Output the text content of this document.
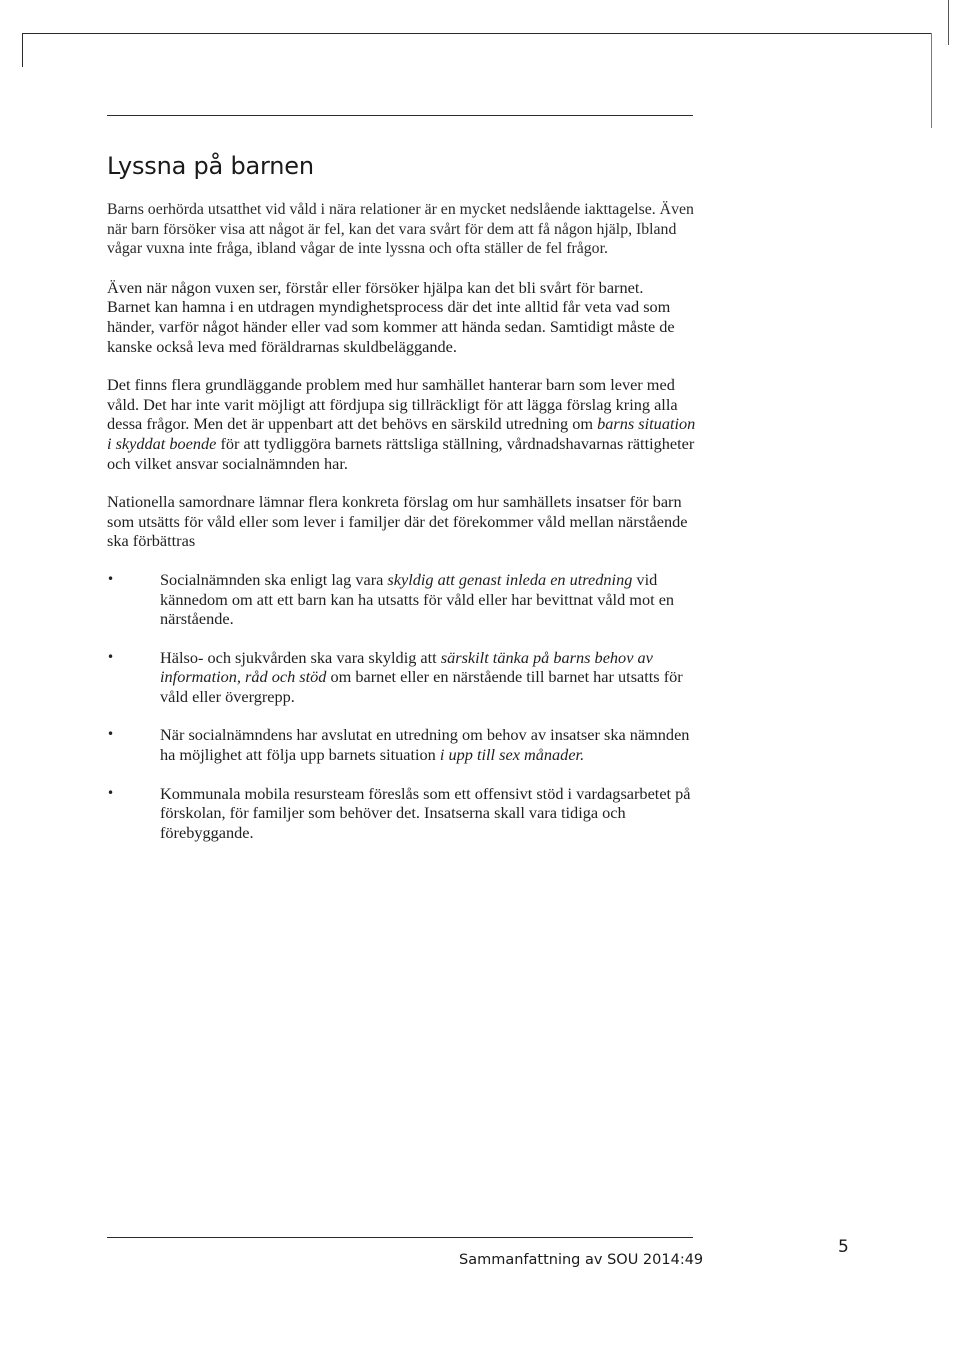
Lyssna på barnen

Barns oerhörda utsatthet vid våld i nära relationer är en mycket nedslående iakttagelse. Även när barn försöker visa att något är fel, kan det vara svårt för dem att få någon hjälp, Ibland vågar vuxna inte fråga, ibland vågar de inte lyssna och ofta ställer de fel frågor.

Även när någon vuxen ser, förstår eller försöker hjälpa kan det bli svårt för barnet.

Barnet kan hamna i en utdragen myndighetsprocess där det inte alltid får veta vad som händer, varför något händer eller vad som kommer att hända sedan. Samtidigt måste de kanske också leva med föräldrarnas skuldbeläggande.

Det finns flera grundläggande problem med hur samhället hanterar barn som lever med våld. Det har inte varit möjligt att fördjupa sig tillräckligt för att lägga förslag kring alla dessa frågor. Men det är uppenbart att det behövs en särskild utredning om barns situation i skyddat boende för att tydliggöra barnets rättsliga ställning, vårdnadshavarnas rättigheter och vilket ansvar socialnämnden har.

Nationella samordnare lämnar flera konkreta förslag om hur samhällets insatser för barn som utsätts för våld eller som lever i familjer där det förekommer våld mellan närstående ska förbättras

•	Socialnämnden ska enligt lag vara skyldig att genast inleda en utredning vid kännedom om att ett barn kan ha utsatts för våld eller har bevittnat våld mot en närstående.
•	Hälso- och sjukvården ska vara skyldig att särskilt tänka på barns behov av information, råd och stöd om barnet eller en närstående till barnet har utsatts för våld eller övergrepp.
•	När socialnämndens har avslutat en utredning om behov av insatser ska nämnden ha möjlighet att följa upp barnets situation i upp till sex månader.
•	Kommunala mobila resursteam föreslås som ett offensivt stöd i vardagsarbetet på förskolan, för familjer som behöver det. Insatserna skall vara tidiga och förebyggande.
Sammanfattning av SOU 2014:49
5
